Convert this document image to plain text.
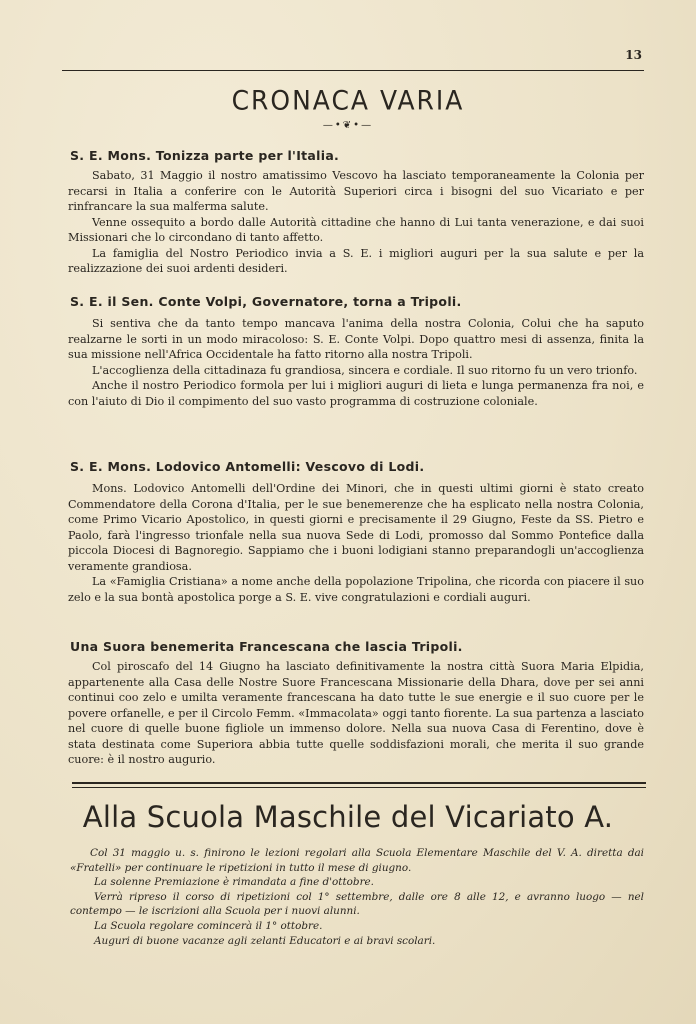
13
CRONACA VARIA
—•❦•—
S. E. Mons. Tonizza parte per l'Italia.

Sabato, 31 Maggio il nostro amatissimo Vescovo ha lasciato temporaneamente la Colonia per recarsi in Italia a conferire con le Autorità Superiori circa i bisogni del suo Vicariato e per rinfrancare la sua malferma salute.

Venne ossequito a bordo dalle Autorità cittadine che hanno di Lui tanta venerazione, e dai suoi Missionari che lo circondano di tanto affetto.

La famiglia del Nostro Periodico invia a S. E. i migliori auguri per la sua salute e per la realizzazione dei suoi ardenti desideri.

S. E. il Sen. Conte Volpi, Governatore, torna a Tripoli.

Si sentiva che da tanto tempo mancava l'anima della nostra Colonia, Colui che ha saputo realzarne le sorti in un modo miracoloso: S. E. Conte Volpi. Dopo quattro mesi di assenza, finita la sua missione nell'Africa Occidentale ha fatto ritorno alla nostra Tripoli.

L'accoglienza della cittadinaza fu grandiosa, sincera e cordiale. Il suo ritorno fu un vero trionfo.

Anche il nostro Periodico formola per lui i migliori auguri di lieta e lunga permanenza fra noi, e con l'aiuto di Dio il compimento del suo vasto programma di costruzione coloniale.

S. E. Mons. Lodovico Antomelli: Vescovo di Lodi.

Mons. Lodovico Antomelli dell'Ordine dei Minori, che in questi ultimi giorni è stato creato Commendatore della Corona d'Italia, per le sue benemerenze che ha esplicato nella nostra Colonia, come Primo Vicario Apostolico, in questi giorni e precisamente il 29 Giugno, Feste da SS. Pietro e Paolo, farà l'ingresso trionfale nella sua nuova Sede di Lodi, promosso dal Sommo Pontefice dalla piccola Diocesi di Bagnoregio. Sappiamo che i buoni lodigiani stanno preparandogli un'accoglienza veramente grandiosa.

La «Famiglia Cristiana» a nome anche della popolazione Tripolina, che ricorda con piacere il suo zelo e la sua bontà apostolica porge a S. E. vive congratulazioni e cordiali auguri.

Una Suora benemerita Francescana che lascia Tripoli.

Col piroscafo del 14 Giugno ha lasciato definitivamente la nostra città Suora Maria Elpidia, appartenente alla Casa delle Nostre Suore Francescana Missionarie della Dhara, dove per sei anni continui coo zelo e umilta veramente francescana ha dato tutte le sue energie e il suo cuore per le povere orfanelle, e per il Circolo Femm. «Immacolata» oggi tanto fiorente. La sua partenza a lasciato nel cuore di quelle buone figliole un immenso dolore. Nella sua nuova Casa di Ferentino, dove è stata destinata come Superiora abbia tutte quelle soddisfazioni morali, che merita il suo grande cuore: è il nostro augurio.

Alla Scuola Maschile del Vicariato A.

Col 31 maggio u. s. finirono le lezioni regolari alla Scuola Elementare Maschile del V. A. diretta dai «Fratelli» per continuare le ripetizioni in tutto il mese di giugno.

La solenne Premiazione è rimandata a fine d'ottobre.

Verrà ripreso il corso di ripetizioni col 1° settembre, dalle ore 8 alle 12, e avranno luogo — nel contempo — le iscrizioni alla Scuola per i nuovi alunni.

La Scuola regolare comincerà il 1° ottobre.

Auguri di buone vacanze agli zelanti Educatori e ai bravi scolari.
